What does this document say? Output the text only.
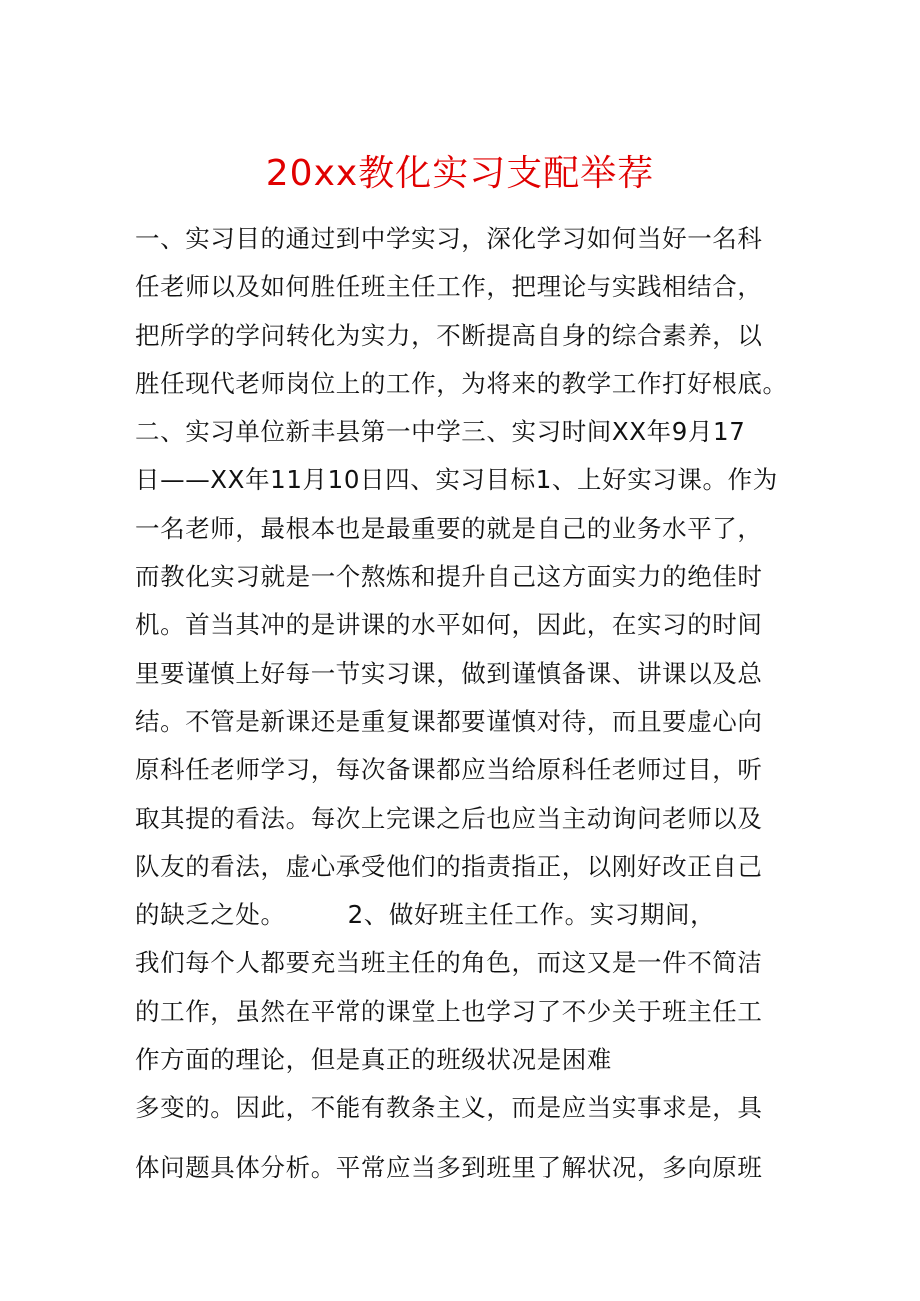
20xx教化实习支配举荐
一、实习目的通过到中学实习，深化学习如何当好一名科
任老师以及如何胜任班主任工作，把理论与实践相结合，
把所学的学问转化为实力，不断提高自身的综合素养，以
胜任现代老师岗位上的工作，为将来的教学工作打好根底。
二、实习单位新丰县第一中学三、实习时间XX年9月17
日——XX年11月10日四、实习目标1、上好实习课。作为
一名老师，最根本也是最重要的就是自己的业务水平了，
而教化实习就是一个熬炼和提升自己这方面实力的绝佳时
机。首当其冲的是讲课的水平如何，因此，在实习的时间
里要谨慎上好每一节实习课，做到谨慎备课、讲课以及总
结。不管是新课还是重复课都要谨慎对待，而且要虚心向
原科任老师学习，每次备课都应当给原科任老师过目，听
取其提的看法。每次上完课之后也应当主动询问老师以及
队友的看法，虚心承受他们的指责指正，以刚好改正自己
的缺乏之处。	2、做好班主任工作。实习期间，
我们每个人都要充当班主任的角色，而这又是一件不简洁
的工作，虽然在平常的课堂上也学习了不少关于班主任工
作方面的理论，但是真正的班级状况是困难
多变的。因此，不能有教条主义，而是应当实事求是，具
体问题具体分析。平常应当多到班里了解状况，多向原班
